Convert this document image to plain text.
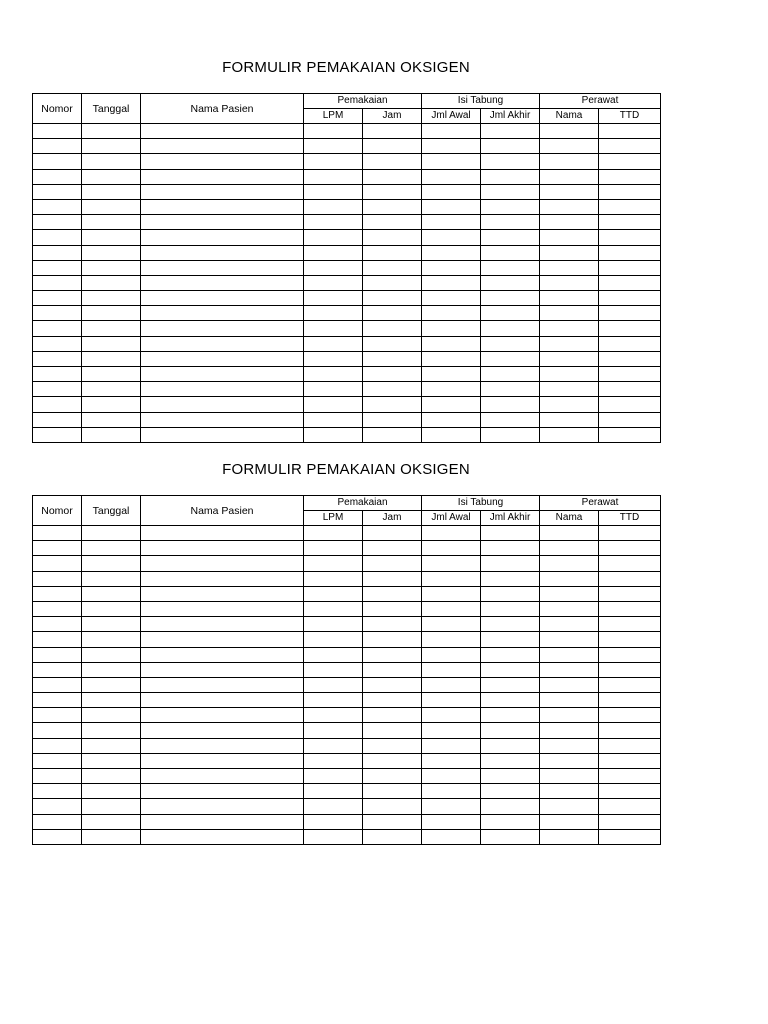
FORMULIR PEMAKAIAN OKSIGEN
Nomor	Tanggal	Nama Pasien	Pemakaian		Isi Tabung		Perawat	
			LPM	Jam	Jml Awal	Jml Akhir	Nama	TTD

FORMULIR PEMAKAIAN OKSIGEN
Nomor	Tanggal	Nama Pasien	Pemakaian		Isi Tabung		Perawat	
			LPM	Jam	Jml Awal	Jml Akhir	Nama	TTD
